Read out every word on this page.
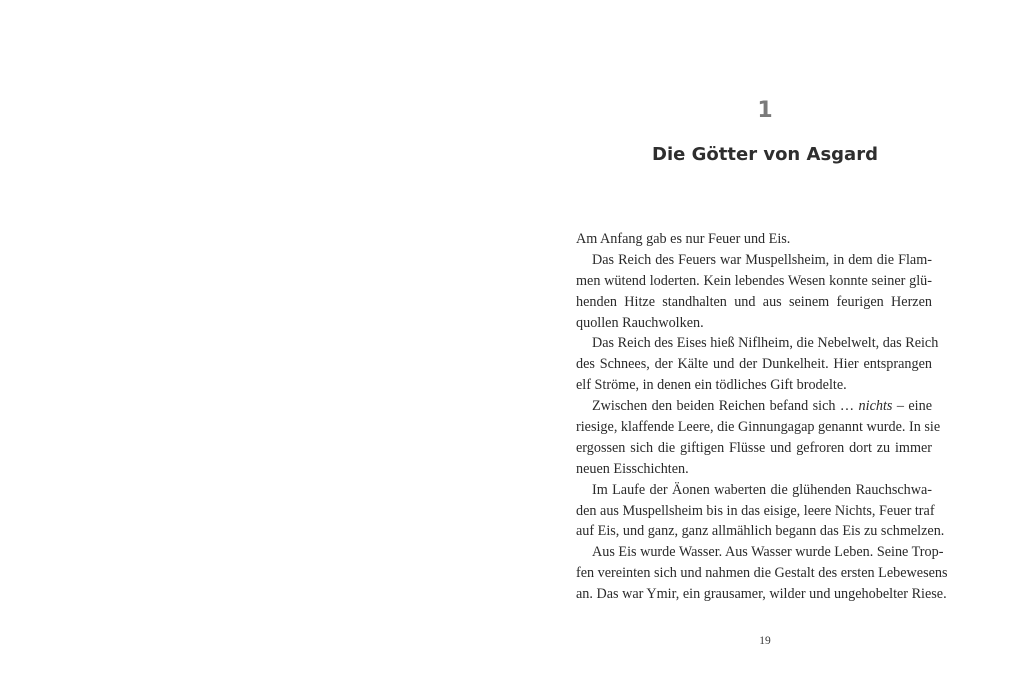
1
Die Götter von Asgard
Am Anfang gab es nur Feuer und Eis.
Das Reich des Feuers war Muspellsheim, in dem die Flam-
men wütend loderten. Kein lebendes Wesen konnte seiner glü-
henden Hitze standhalten und aus seinem feurigen Herzen
quollen Rauchwolken.
Das Reich des Eises hieß Niflheim, die Nebelwelt, das Reich
des Schnees, der Kälte und der Dunkelheit. Hier entsprangen
elf Ströme, in denen ein tödliches Gift brodelte.
Zwischen den beiden Reichen befand sich … nichts – eine
riesige, klaffende Leere, die Ginnungagap genannt wurde. In sie
ergossen sich die giftigen Flüsse und gefroren dort zu immer
neuen Eisschichten.
Im Laufe der Äonen waberten die glühenden Rauchschwa-
den aus Muspellsheim bis in das eisige, leere Nichts, Feuer traf
auf Eis, und ganz, ganz allmählich begann das Eis zu schmelzen.
Aus Eis wurde Wasser. Aus Wasser wurde Leben. Seine Trop-
fen vereinten sich und nahmen die Gestalt des ersten Lebewesens
an. Das war Ymir, ein grausamer, wilder und ungehobelter Riese.
19
